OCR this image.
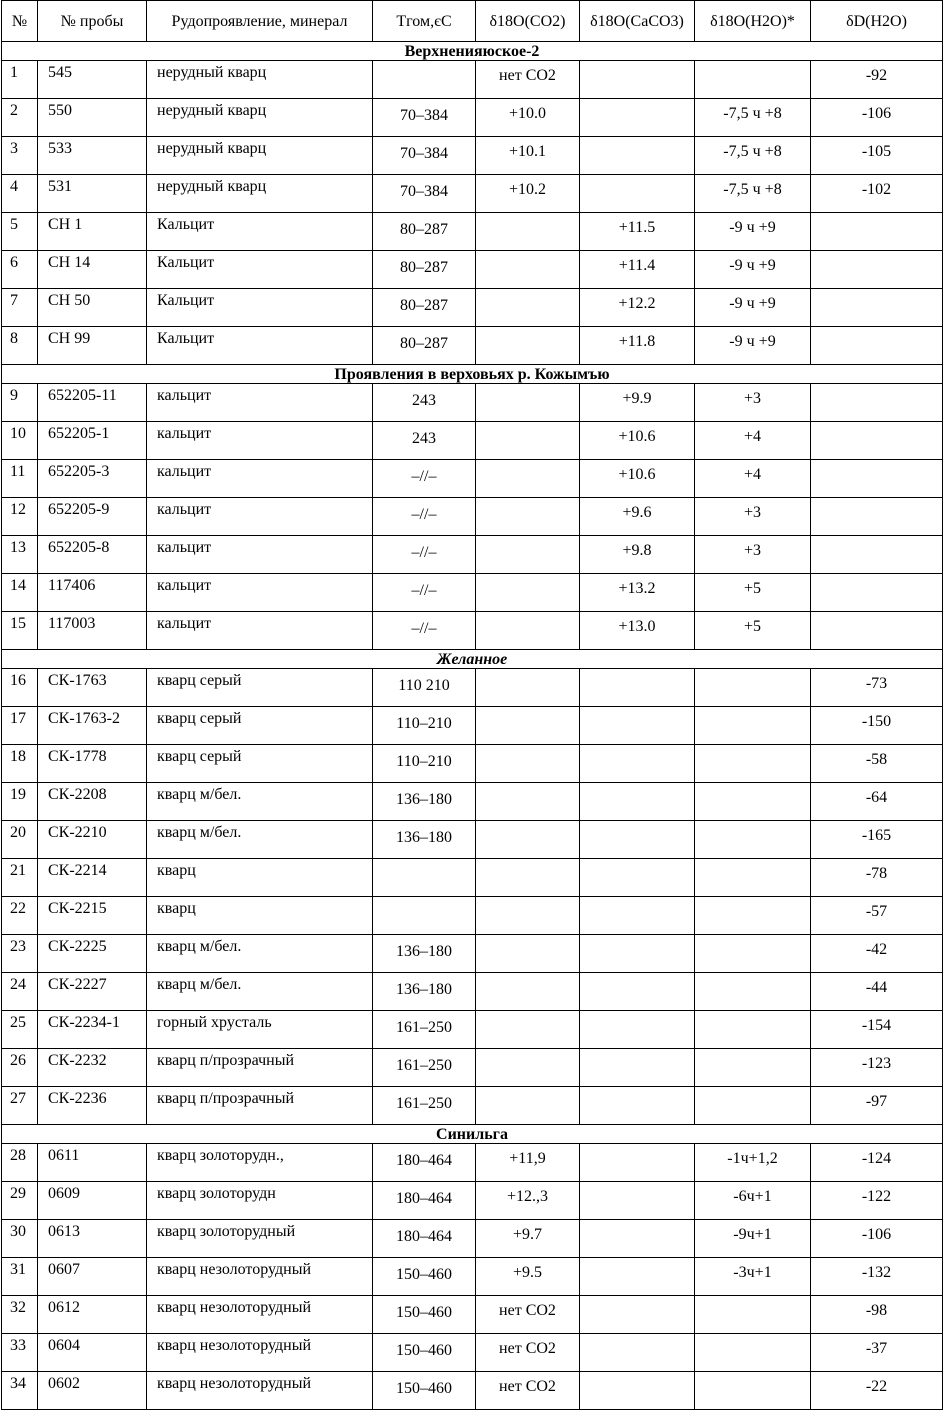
№	№ пробы	Рудопроявление, минерал	Tгом,єC	δ18O(CO2)	δ18O(CaCO3)	δ18O(H2O)*	δD(H2O)
Верхненияюское-2							
1	545	нерудный кварц		нет CO2			-92
2	550	нерудный кварц	70–384	+10.0		-7,5 ч +8	-106
3	533	нерудный кварц	70–384	+10.1		-7,5 ч +8	-105
4	531	нерудный кварц	70–384	+10.2		-7,5 ч +8	-102
5	CH 1	Кальцит	80–287		+11.5	-9 ч +9	
6	CH 14	Кальцит	80–287		+11.4	-9 ч +9	
7	CH 50	Кальцит	80–287		+12.2	-9 ч +9	
8	CH 99	Кальцит	80–287		+11.8	-9 ч +9	
Проявления в верховьях р. Кожымъю							
9	652205-11	кальцит	243		+9.9	+3	
10	652205-1	кальцит	243		+10.6	+4	
11	652205-3	кальцит	–//–		+10.6	+4	
12	652205-9	кальцит	–//–		+9.6	+3	
13	652205-8	кальцит	–//–		+9.8	+3	
14	117406	кальцит	–//–		+13.2	+5	
15	117003	кальцит	–//–		+13.0	+5	
Желанное							
16	СК-1763	кварц серый	110 210				-73
17	СК-1763-2	кварц серый	110–210				-150
18	СК-1778	кварц серый	110–210				-58
19	СК-2208	кварц м/бел.	136–180				-64
20	СК-2210	кварц м/бел.	136–180				-165
21	СК-2214	кварц					-78
22	СК-2215	кварц					-57
23	СК-2225	кварц м/бел.	136–180				-42
24	СК-2227	кварц м/бел.	136–180				-44
25	СК-2234-1	горный хрусталь	161–250				-154
26	СК-2232	кварц п/прозрачный	161–250				-123
27	СК-2236	кварц п/прозрачный	161–250				-97
Синильга							
28	0611	кварц золоторудн.,	180–464	+11,9		-1ч+1,2	-124
29	0609	кварц золоторудн	180–464	+12.,3		-6ч+1	-122
30	0613	кварц золоторудный	180–464	+9.7		-9ч+1	-106
31	0607	кварц незолоторудный	150–460	+9.5		-3ч+1	-132
32	0612	кварц незолоторудный	150–460	нет CO2			-98
33	0604	кварц незолоторудный	150–460	нет CO2			-37
34	0602	кварц незолоторудный	150–460	нет CO2			-22
